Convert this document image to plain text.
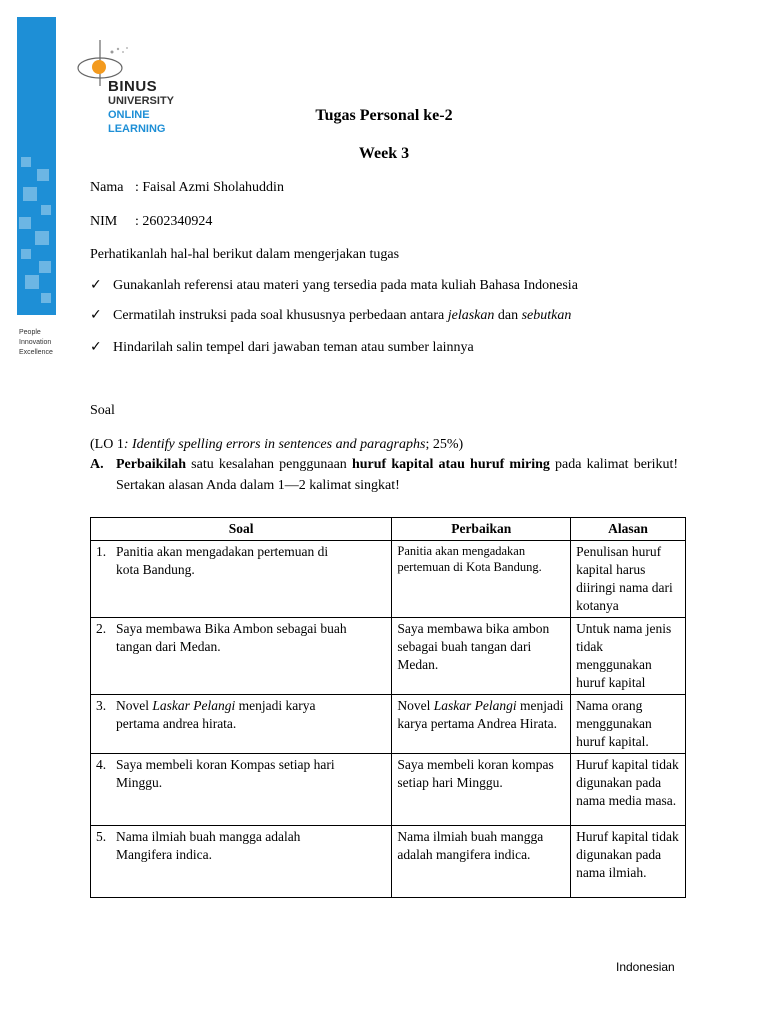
People
Innovation
Excellence
BINUS
UNIVERSITY
ONLINE
LEARNING
Tugas Personal ke-2
Week 3
Nama : Faisal Azmi Sholahuddin
NIM : 2602340924
Perhatikanlah hal-hal berikut dalam mengerjakan tugas
✓ Gunakanlah referensi atau materi yang tersedia pada mata kuliah Bahasa Indonesia
✓ Cermatilah instruksi pada soal khususnya perbedaan antara jelaskan dan sebutkan
✓ Hindarilah salin tempel dari jawaban teman atau sumber lainnya
Soal
(LO 1: Identify spelling errors in sentences and paragraphs; 25%)
A. Perbaikilah satu kesalahan penggunaan huruf kapital atau huruf miring pada kalimat berikut! Sertakan alasan Anda dalam 1—2 kalimat singkat!
Soal	Perbaikan	Alasan
1. Panitia akan mengadakan pertemuan di
kota Bandung.	Panitia akan mengadakan pertemuan di Kota Bandung.	Penulisan huruf kapital harus diiringi nama dari kotanya
2. Saya membawa Bika Ambon sebagai buah
tangan dari Medan.	Saya membawa bika ambon sebagai buah tangan dari Medan.	Untuk nama jenis tidak menggunakan huruf kapital
3. Novel Laskar Pelangi menjadi karya
pertama andrea hirata.	Novel Laskar Pelangi menjadi karya pertama Andrea Hirata.	Nama orang menggunakan huruf kapital.
4. Saya membeli koran Kompas setiap hari
Minggu.	Saya membeli koran kompas setiap hari Minggu.	Huruf kapital tidak digunakan pada nama media masa.
5. Nama ilmiah buah mangga adalah
Mangifera indica.	Nama ilmiah buah mangga adalah mangifera indica.	Huruf kapital tidak digunakan pada nama ilmiah.
Indonesian
